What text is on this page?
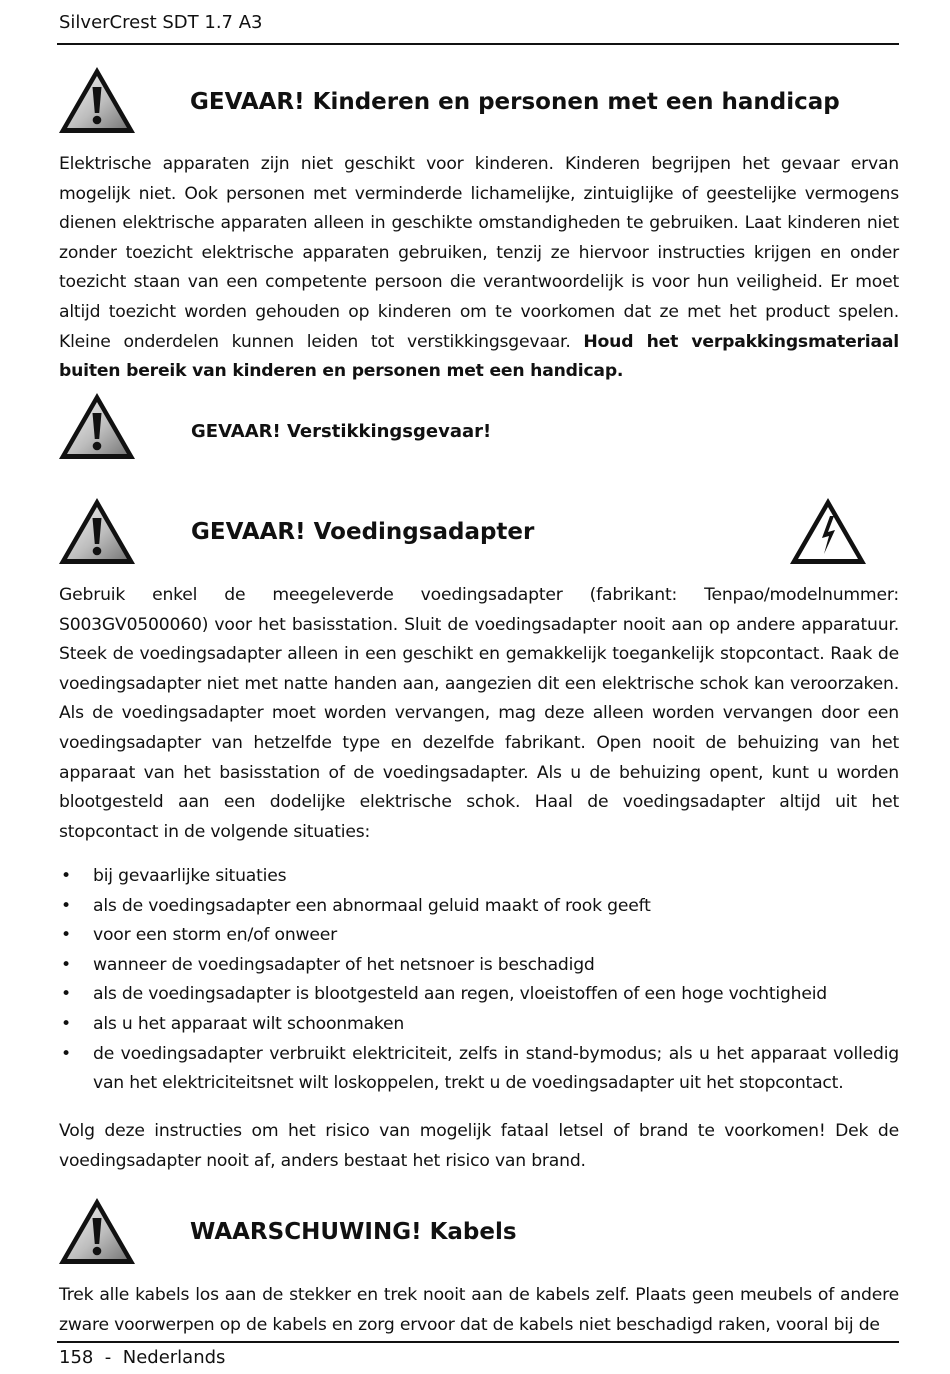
SilverCrest SDT 1.7 A3
GEVAAR! Kinderen en personen met een handicap

Elektrische apparaten zijn niet geschikt voor kinderen. Kinderen begrijpen het gevaar ervan mogelijk niet. Ook personen met verminderde lichamelijke, zintuiglijke of geestelijke vermogens dienen elektrische apparaten alleen in geschikte omstandigheden te gebruiken. Laat kinderen niet zonder toezicht elektrische apparaten gebruiken, tenzij ze hiervoor instructies krijgen en onder toezicht staan van een competente persoon die verantwoordelijk is voor hun veiligheid. Er moet altijd toezicht worden gehouden op kinderen om te voorkomen dat ze met het product spelen. Kleine onderdelen kunnen leiden tot verstikkingsgevaar. Houd het verpakkingsmateriaal buiten bereik van kinderen en personen met een handicap.

GEVAAR! Verstikkingsgevaar!
GEVAAR! Voedingsadapter

Gebruik enkel de meegeleverde voedingsadapter (fabrikant: Tenpao/modelnummer: S003GV0500060) voor het basisstation. Sluit de voedingsadapter nooit aan op andere apparatuur. Steek de voedingsadapter alleen in een geschikt en gemakkelijk toegankelijk stopcontact. Raak de voedingsadapter niet met natte handen aan, aangezien dit een elektrische schok kan veroorzaken. Als de voedingsadapter moet worden vervangen, mag deze alleen worden vervangen door een voedingsadapter van hetzelfde type en dezelfde fabrikant. Open nooit de behuizing van het apparaat van het basisstation of de voedingsadapter. Als u de behuizing opent, kunt u worden blootgesteld aan een dodelijke elektrische schok. Haal de voedingsadapter altijd uit het stopcontact in de volgende situaties:

• bij gevaarlijke situaties
• als de voedingsadapter een abnormaal geluid maakt of rook geeft
• voor een storm en/of onweer
• wanneer de voedingsadapter of het netsnoer is beschadigd
• als de voedingsadapter is blootgesteld aan regen, vloeistoffen of een hoge vochtigheid
• als u het apparaat wilt schoonmaken
• de voedingsadapter verbruikt elektriciteit, zelfs in stand-bymodus; als u het apparaat volledig van het elektriciteitsnet wilt loskoppelen, trekt u de voedingsadapter uit het stopcontact.

Volg deze instructies om het risico van mogelijk fataal letsel of brand te voorkomen! Dek de voedingsadapter nooit af, anders bestaat het risico van brand.

WAARSCHUWING! Kabels

Trek alle kabels los aan de stekker en trek nooit aan de kabels zelf. Plaats geen meubels of andere zware voorwerpen op de kabels en zorg ervoor dat de kabels niet beschadigd raken, vooral bij de

158  -  Nederlands
